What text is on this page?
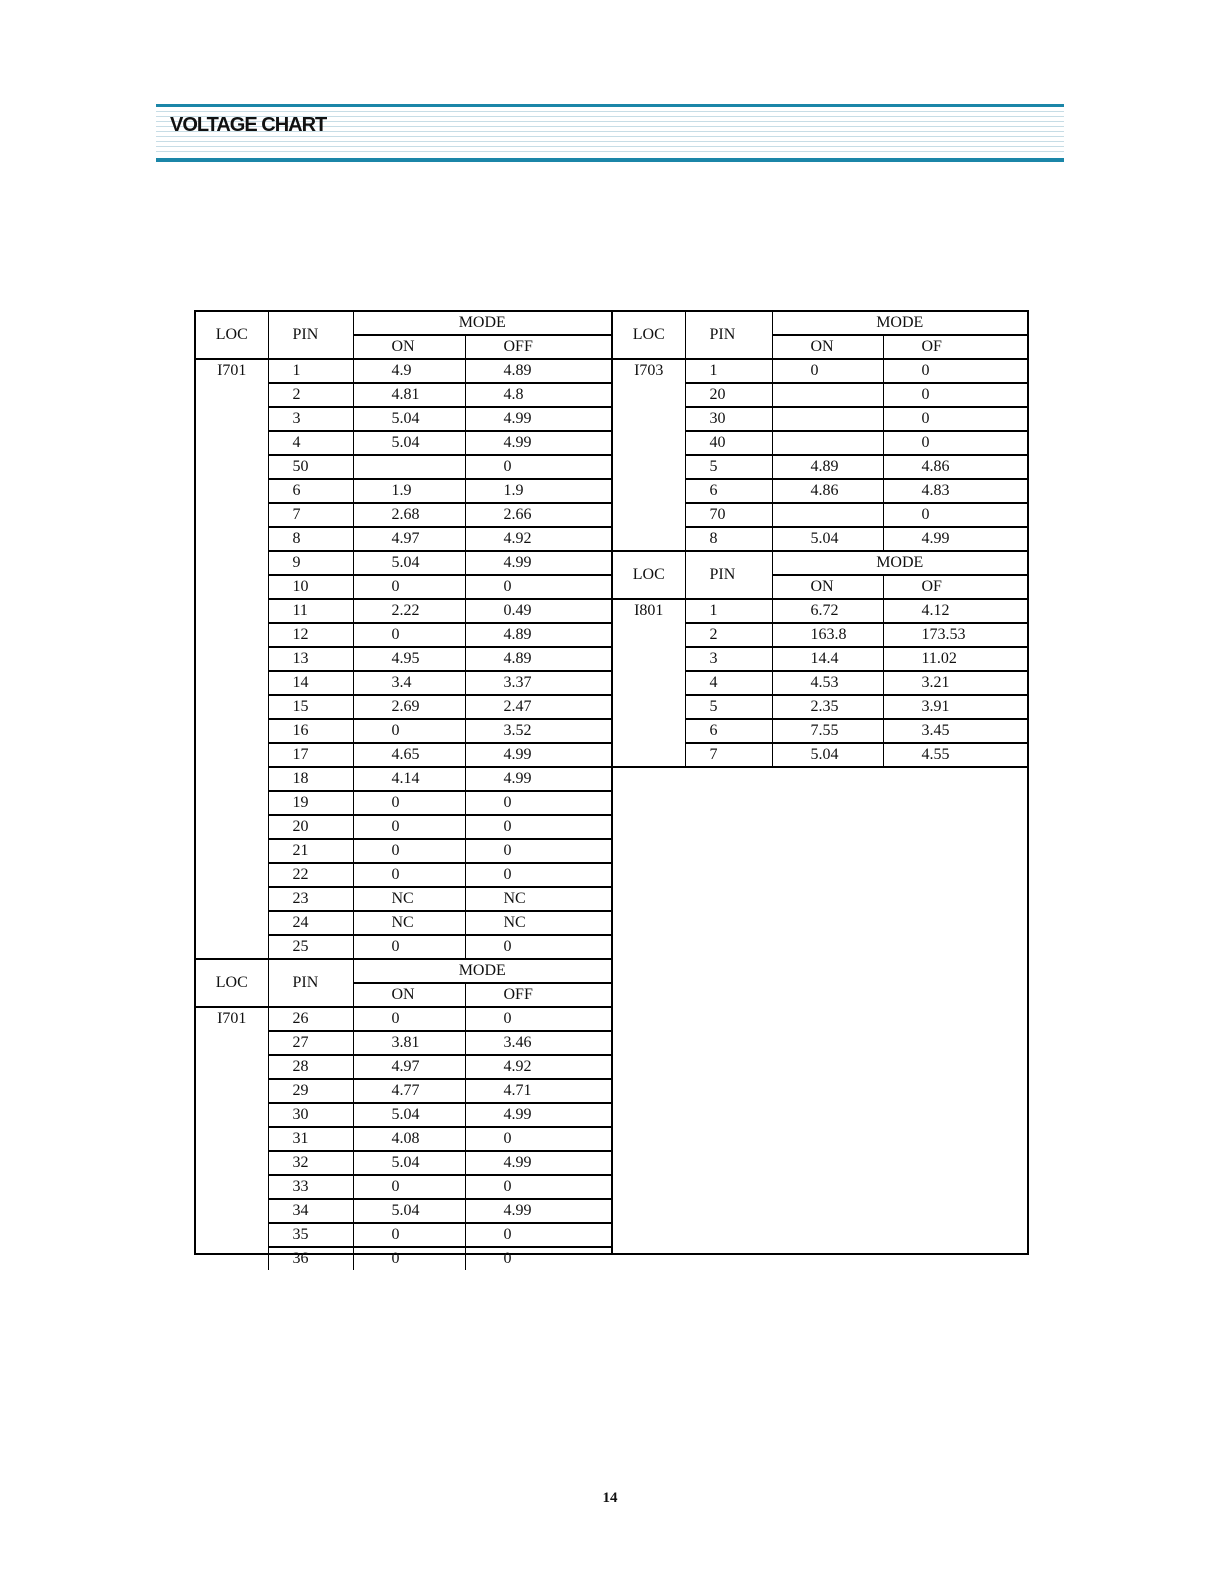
VOLTAGE CHART
LOC	PIN	MODE	
		ON	OFF
I701	1	4.9	4.89
	2	4.81	4.8
	3	5.04	4.99
	4	5.04	4.99
	50		0
	6	1.9	1.9
	7	2.68	2.66
	8	4.97	4.92
	9	5.04	4.99
	10	0	0
	11	2.22	0.49
	12	0	4.89
	13	4.95	4.89
	14	3.4	3.37
	15	2.69	2.47
	16	0	3.52
	17	4.65	4.99
	18	4.14	4.99
	19	0	0
	20	0	0
	21	0	0
	22	0	0
	23	NC	NC
	24	NC	NC
	25	0	0
LOC	PIN	MODE	
		ON	OFF
I701	26	0	0
	27	3.81	3.46
	28	4.97	4.92
	29	4.77	4.71
	30	5.04	4.99
	31	4.08	0
	32	5.04	4.99
	33	0	0
	34	5.04	4.99
	35	0	0
	36	0	0
LOC	PIN	MODE	
		ON	OF
I703	1	0	0
	20		0
	30		0
	40		0
	5	4.89	4.86
	6	4.86	4.83
	70		0
	8	5.04	4.99
LOC	PIN	MODE	
		ON	OF
I801	1	6.72	4.12
	2	163.8	173.53
	3	14.4	11.02
	4	4.53	3.21
	5	2.35	3.91
	6	7.55	3.45
	7	5.04	4.55
14
